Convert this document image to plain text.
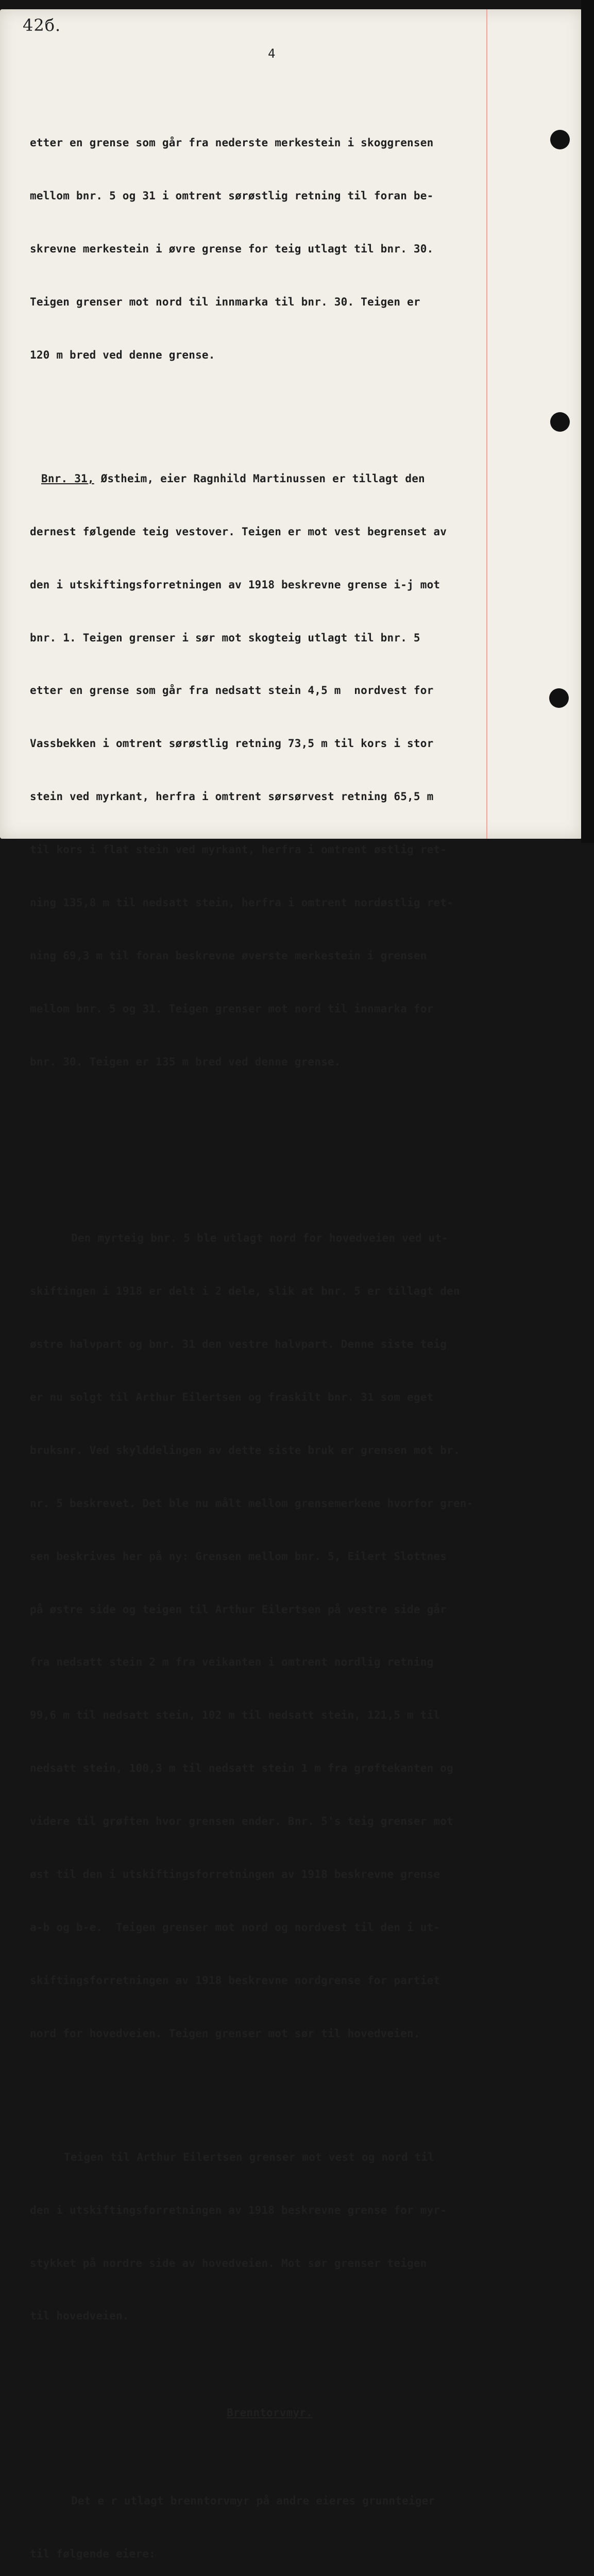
42б.
4

etter en grense som går fra nederste merkestein i skoggrensen

mellom bnr. 5 og 31 i omtrent sørøstlig retning til foran be-

skrevne merkestein i øvre grense for teig utlagt til bnr. 30.

Teigen grenser mot nord til innmarka til bnr. 30. Teigen er

120 m bred ved denne grense.

Bnr. 31, Østheim, eier Ragnhild Martinussen er tillagt den

dernest følgende teig vestover. Teigen er mot vest begrenset av

den i utskiftingsforretningen av 1918 beskrevne grense i-j mot

bnr. 1. Teigen grenser i sør mot skogteig utlagt til bnr. 5

etter en grense som går fra nedsatt stein 4,5 m  nordvest for

Vassbekken i omtrent sørøstlig retning 73,5 m til kors i stor

stein ved myrkant, herfra i omtrent sørsørvest retning 65,5 m

til kors i flat stein ved myrkant, herfra i omtrent østlig ret-

ning 135,8 m til nedsatt stein, herfra i omtrent nordøstlig ret-

ning 69,3 m til foran beskrevne øverste merkestein i grensen

mellom bnr. 5 og 31. Teigen grenser mot nord til innmarka for

bnr. 30. Teigen er 135 m bred ved denne grense.

Den myrteig bnr. 5 ble utlagt nord for hovedveien ved ut-

skiftingen i 1918 er delt i 2 dele, slik at bnr. 5 er tillagt den

østre halvpart og bnr. 31 den vestre halvpart. Denne siste teig

er nu solgt til Arthur Eilertsen og fraskilt bnr. 31 som eget

bruksnr. Ved skylddelingen av dette siste bruk er grensen mot br.

nr. 5 beskrevet. Det ble nu målt mellom grensemerkene hvorfor gren-

sen beskrives her på ny: Grensen mellom bnr. 5, Eilert Slottnes

på østre side og teigen til Arthur Eilertsen på vestre side går

fra nedsatt stein 2 m fra veikanten i omtrent nordlig retning

99,6 m til nedsatt stein, 102 m til nedsatt stein, 121,5 m til

nedsatt stein, 100,3 m til nedsatt stein 1 m fra grøftekanten og

videre til grøften hvor grensen ender. Bnr. 5's teig grenser mot

øst til den i utskiftingsforretningen av 1918 beskrevne grense

a-b og b-e.  Teigen grenser mot nord og nordvest til den i ut-

skiftingsforretningen av 1918 beskrevne nordgrense for partiet

nord for hovedveien. Teigen grenser mot sør til hovedveien.

Teigen til Arthur Eilertsen grenser mot vest og nord til

den i utskiftingsforretningen av 1918 beskrevne grense for myr-

stykket på nordre side av hovedveien. Mot sør grenser teigen

til hovedveien.

Brenntorvmyr.

Det e r utlagt brenntorvmyr på andre eieres grunnteiger

til følgende eiere:
